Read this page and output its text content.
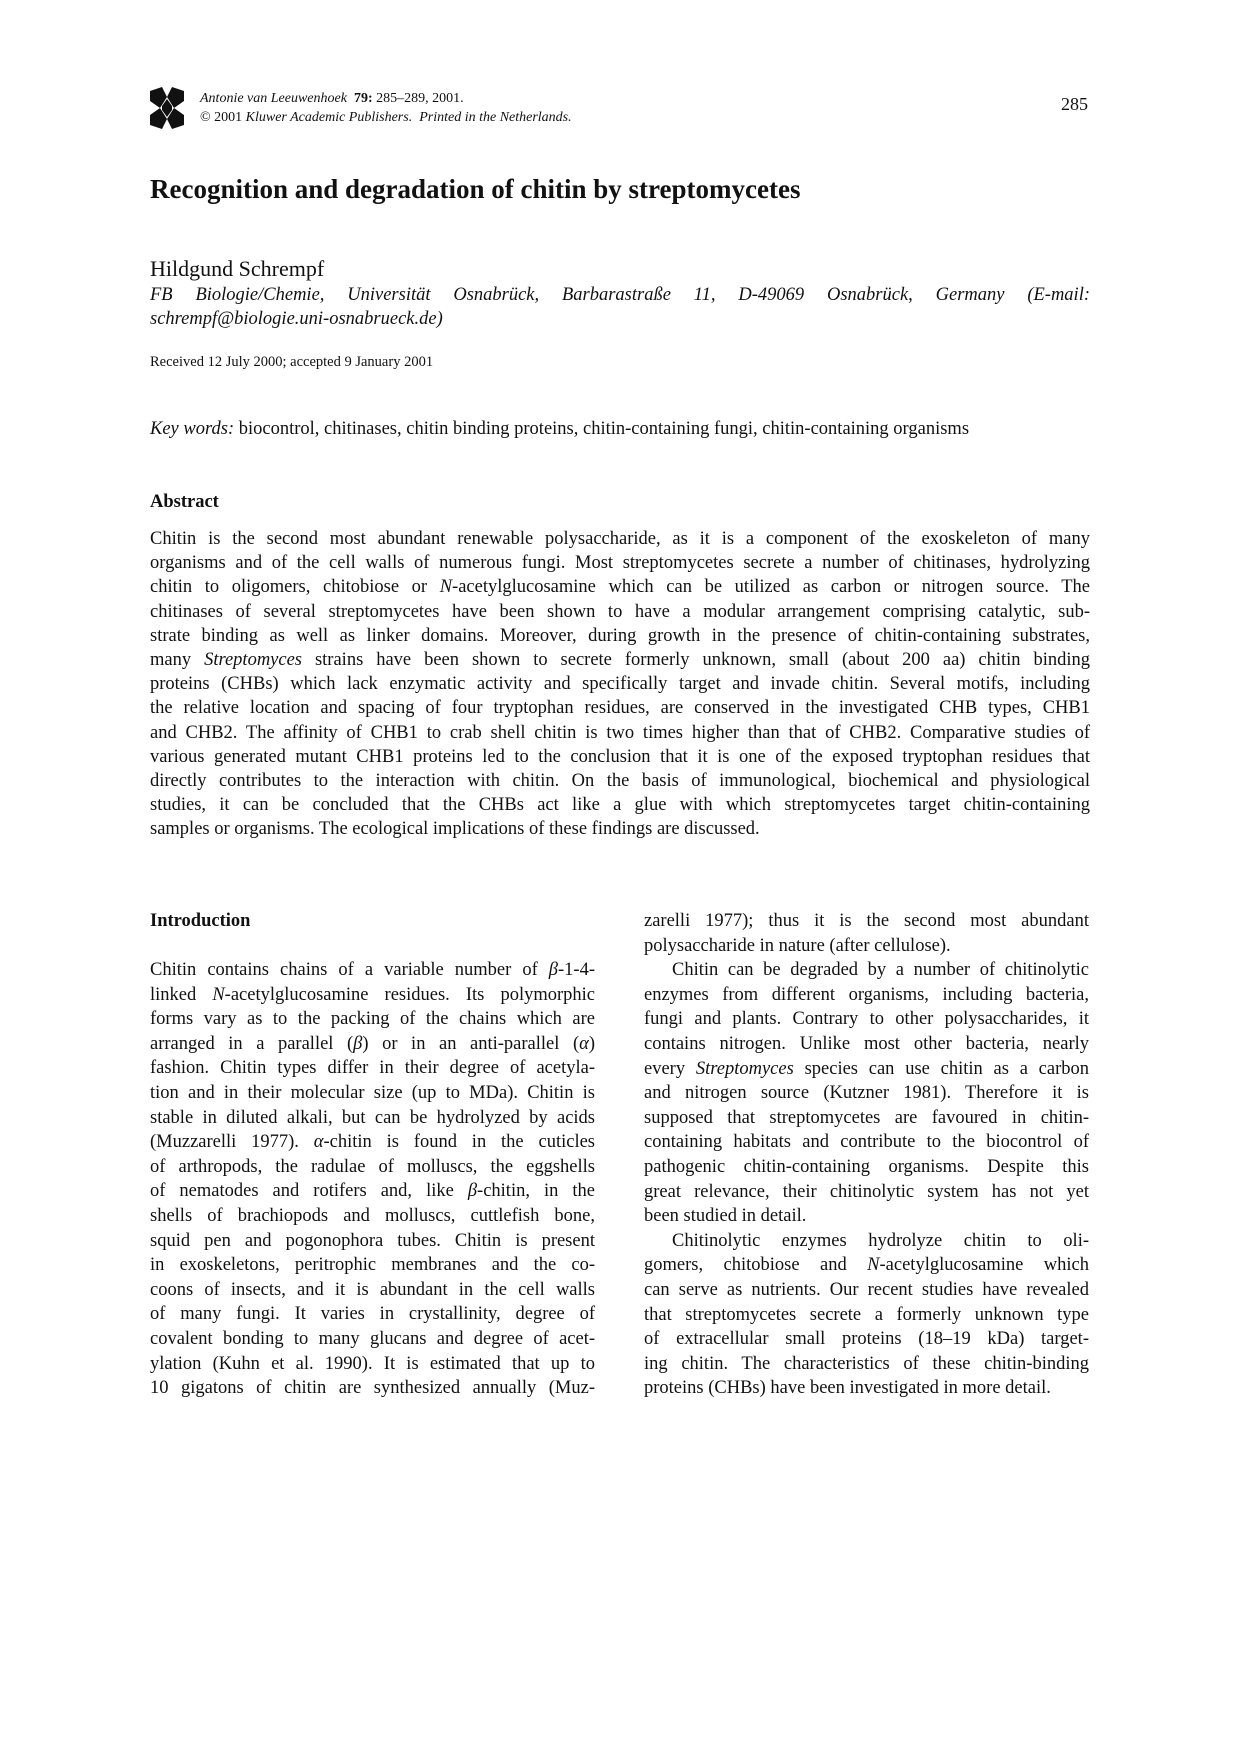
Antonie van Leeuwenhoek 79: 285–289, 2001.
© 2001 Kluwer Academic Publishers. Printed in the Netherlands.
285
Recognition and degradation of chitin by streptomycetes
Hildgund Schrempf
FB Biologie/Chemie, Universität Osnabrück, Barbarastraße 11, D-49069 Osnabrück, Germany (E-mail:
schrempf@biologie.uni-osnabrueck.de)
Received 12 July 2000; accepted 9 January 2001
Key words: biocontrol, chitinases, chitin binding proteins, chitin-containing fungi, chitin-containing organisms
Abstract
Chitin is the second most abundant renewable polysaccharide, as it is a component of the exoskeleton of many
organisms and of the cell walls of numerous fungi. Most streptomycetes secrete a number of chitinases, hydrolyzing
chitin to oligomers, chitobiose or N-acetylglucosamine which can be utilized as carbon or nitrogen source. The
chitinases of several streptomycetes have been shown to have a modular arrangement comprising catalytic, sub-
strate binding as well as linker domains. Moreover, during growth in the presence of chitin-containing substrates,
many Streptomyces strains have been shown to secrete formerly unknown, small (about 200 aa) chitin binding
proteins (CHBs) which lack enzymatic activity and specifically target and invade chitin. Several motifs, including
the relative location and spacing of four tryptophan residues, are conserved in the investigated CHB types, CHB1
and CHB2. The affinity of CHB1 to crab shell chitin is two times higher than that of CHB2. Comparative studies of
various generated mutant CHB1 proteins led to the conclusion that it is one of the exposed tryptophan residues that
directly contributes to the interaction with chitin. On the basis of immunological, biochemical and physiological
studies, it can be concluded that the CHBs act like a glue with which streptomycetes target chitin-containing
samples or organisms. The ecological implications of these findings are discussed.
Introduction
Chitin contains chains of a variable number of β-1-4-
linked N-acetylglucosamine residues. Its polymorphic
forms vary as to the packing of the chains which are
arranged in a parallel (β) or in an anti-parallel (α)
fashion. Chitin types differ in their degree of acetyla-
tion and in their molecular size (up to MDa). Chitin is
stable in diluted alkali, but can be hydrolyzed by acids
(Muzzarelli 1977). α-chitin is found in the cuticles
of arthropods, the radulae of molluscs, the eggshells
of nematodes and rotifers and, like β-chitin, in the
shells of brachiopods and molluscs, cuttlefish bone,
squid pen and pogonophora tubes. Chitin is present
in exoskeletons, peritrophic membranes and the co-
coons of insects, and it is abundant in the cell walls
of many fungi. It varies in crystallinity, degree of
covalent bonding to many glucans and degree of acet-
ylation (Kuhn et al. 1990). It is estimated that up to
10 gigatons of chitin are synthesized annually (Muz-
zarelli 1977); thus it is the second most abundant
polysaccharide in nature (after cellulose).
Chitin can be degraded by a number of chitinolytic
enzymes from different organisms, including bacteria,
fungi and plants. Contrary to other polysaccharides, it
contains nitrogen. Unlike most other bacteria, nearly
every Streptomyces species can use chitin as a carbon
and nitrogen source (Kutzner 1981). Therefore it is
supposed that streptomycetes are favoured in chitin-
containing habitats and contribute to the biocontrol of
pathogenic chitin-containing organisms. Despite this
great relevance, their chitinolytic system has not yet
been studied in detail.
Chitinolytic enzymes hydrolyze chitin to oli-
gomers, chitobiose and N-acetylglucosamine which
can serve as nutrients. Our recent studies have revealed
that streptomycetes secrete a formerly unknown type
of extracellular small proteins (18–19 kDa) target-
ing chitin. The characteristics of these chitin-binding
proteins (CHBs) have been investigated in more detail.
